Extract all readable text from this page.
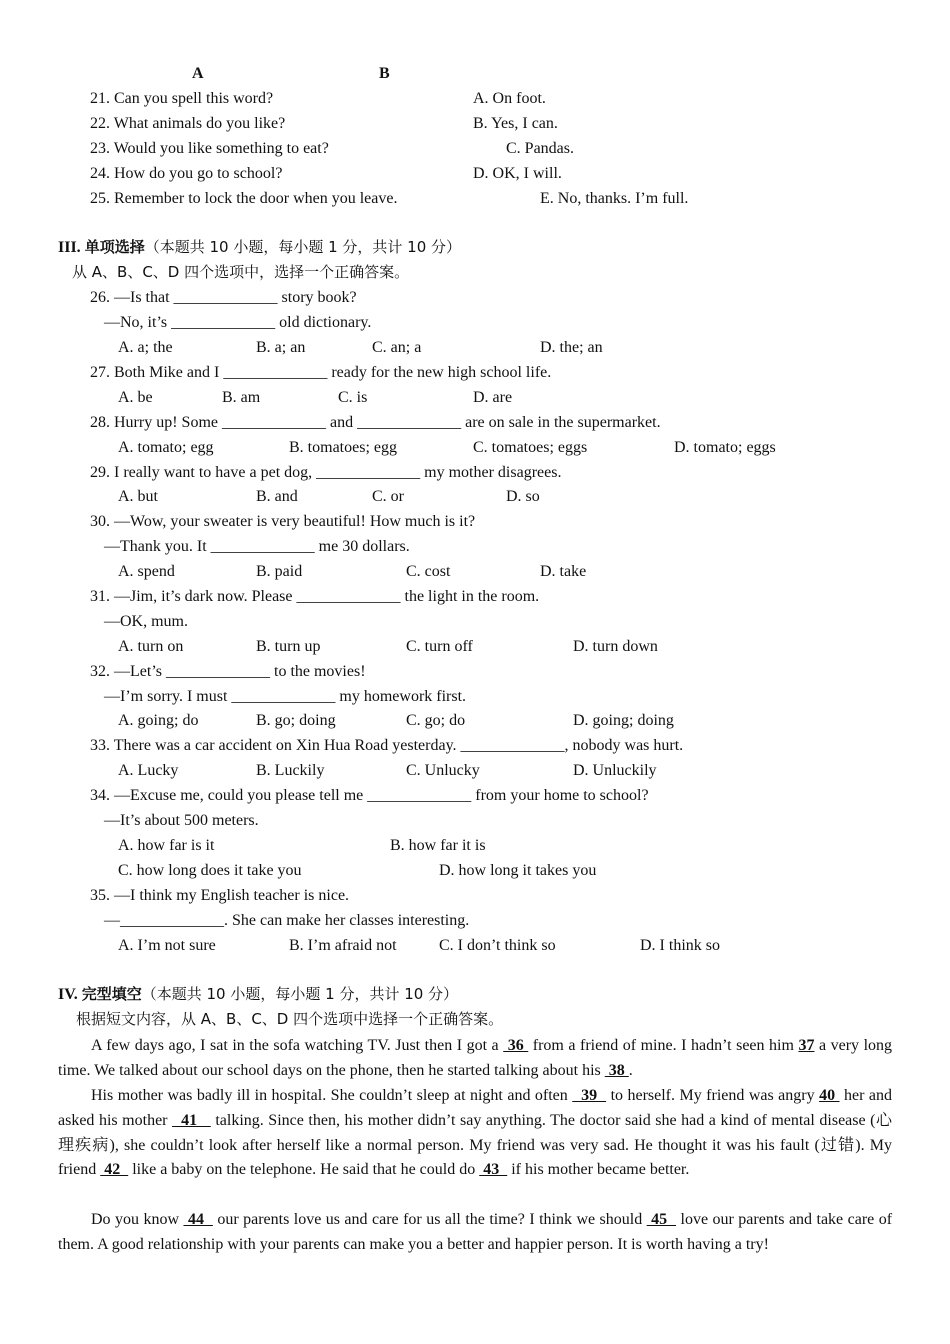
A	B
21. Can you spell this word?	A. On foot.
22. What animals do you like?	B. Yes, I can.
23. Would you like something to eat?	C. Pandas.
24. How do you go to school?	D. OK, I will.
25. Remember to lock the door when you leave.	E. No, thanks. I’m full.
III. 单项选择（本题共 10 小题，每小题 1 分，共计 10 分）
从 A、B、C、D 四个选项中，选择一个正确答案。
26. —Is that _____________ story book?
—No, it’s _____________ old dictionary.
A. a; the	B. a; an	C. an; a	D. the; an
27. Both Mike and I _____________ ready for the new high school life.
A. be	B. am	C. is	D. are
28. Hurry up! Some _____________ and _____________ are on sale in the supermarket.
A. tomato; egg	B. tomatoes; egg	C. tomatoes; eggs	D. tomato; eggs
29. I really want to have a pet dog, _____________ my mother disagrees.
A. but	B. and	C. or	D. so
30. —Wow, your sweater is very beautiful! How much is it?
—Thank you. It _____________ me 30 dollars.
A. spend	B. paid	C. cost	D. take
31. —Jim, it’s dark now. Please _____________ the light in the room.
—OK, mum.
A. turn on	B. turn up	C. turn off	D. turn down
32. —Let’s _____________ to the movies!
—I’m sorry. I must _____________ my homework first.
A. going; do	B. go; doing	C. go; do	D. going; doing
33. There was a car accident on Xin Hua Road yesterday. _____________, nobody was hurt.
A. Lucky	B. Luckily	C. Unlucky	D. Unluckily
34. —Excuse me, could you please tell me _____________ from your home to school?
—It’s about 500 meters.
A. how far is it	B. how far it is
C. how long does it take you	D. how long it takes you
35. —I think my English teacher is nice.
—_____________. She can make her classes interesting.
A. I’m not sure	B. I’m afraid not	C. I don’t think so	D. I think so
IV. 完型填空（本题共 10 小题，每小题 1 分，共计 10 分）
根据短文内容，从 A、B、C、D 四个选项中选择一个正确答案。
A few days ago, I sat in the sofa watching TV. Just then I got a  36  from a friend of mine. I hadn’t seen him 37 a very long time. We talked about our school days on the phone, then he started talking about his  38 .
His mother was badly ill in hospital. She couldn’t sleep at night and often   39   to herself. My friend was angry 40  her and asked his mother   41    talking. Since then, his mother didn’t say anything. The doctor said she had a kind of mental disease (心理疾病), she couldn’t look after herself like a normal person. My friend was very sad. He thought it was his fault (过错). My friend  42   like a baby on the telephone. He said that he could do  43   if his mother became better.
Do you know  44   our parents love us and care for us all the time? I think we should  45   love our parents and take care of them. A good relationship with your parents can make you a better and happier person. It is worth having a try!
